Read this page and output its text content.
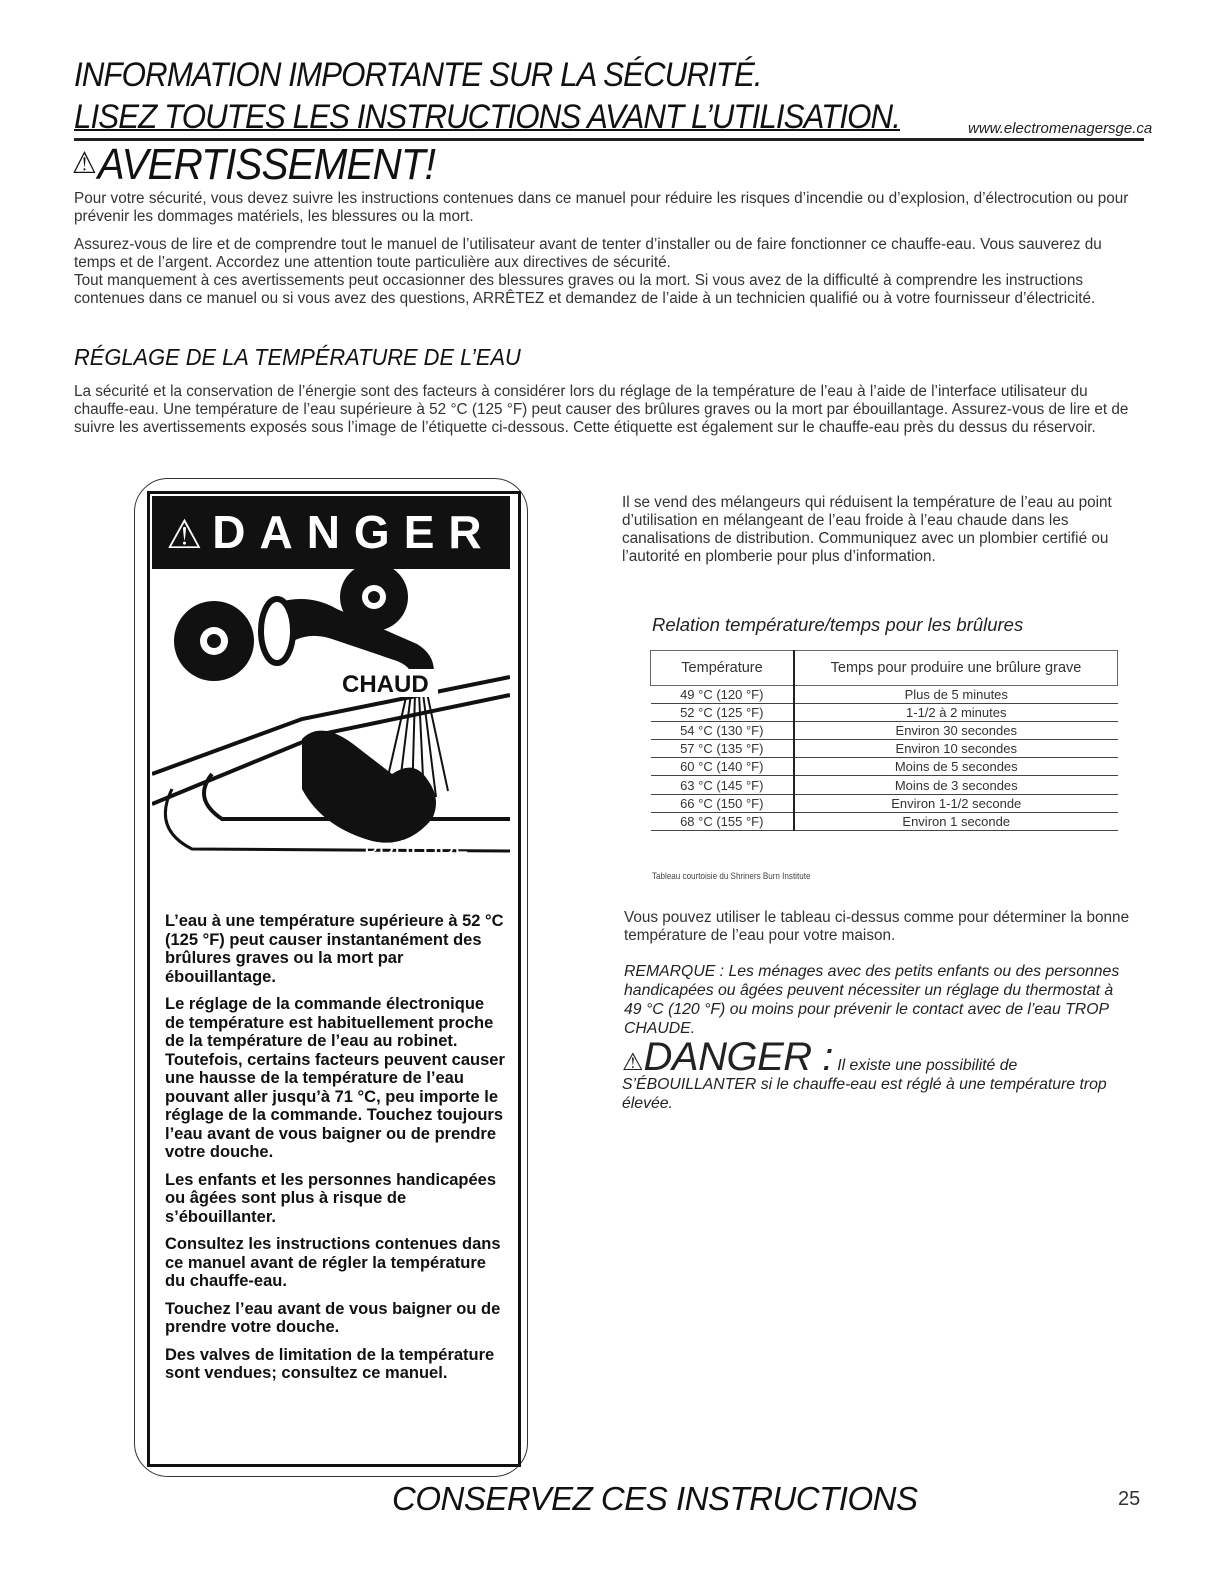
INFORMATION IMPORTANTE SUR LA SÉCURITÉ.
LISEZ TOUTES LES INSTRUCTIONS AVANT L’UTILISATION.	www.electromenagersge.ca
⚠AVERTISSEMENT!

Pour votre sécurité, vous devez suivre les instructions contenues dans ce manuel pour réduire les risques d’incendie ou d’explosion, d’électrocution ou pour prévenir les dommages matériels, les blessures ou la mort.

Assurez-vous de lire et de comprendre tout le manuel de l’utilisateur avant de tenter d’installer ou de faire fonctionner ce chauffe-eau. Vous sauverez du temps et de l’argent. Accordez une attention toute particulière aux directives de sécurité.

Tout manquement à ces avertissements peut occasionner des blessures graves ou la mort. Si vous avez de la difficulté à comprendre les instructions contenues dans ce manuel ou si vous avez des questions, ARRÊTEZ et demandez de l’aide à un technicien qualifié ou à votre fournisseur d’électricité.

RÉGLAGE DE LA TEMPÉRATURE DE L’EAU
La sécurité et la conservation de l’énergie sont des facteurs à considérer lors du réglage de la température de l’eau à l’aide de l’interface utilisateur du chauffe-eau. Une température de l’eau supérieure à 52 °C (125 °F) peut causer des brûlures graves ou la mort par ébouillantage. Assurez-vous de lire et de suivre les avertissements exposés sous l’image de l’étiquette ci-dessous. Cette étiquette est également sur le chauffe-eau près du dessus du réservoir.
⚠ DANGER
CHAUD
BRÛLURE

L’eau à une température supérieure à 52 °C (125 °F) peut causer instantanément des brûlures graves ou la mort par ébouillantage.

Le réglage de la commande électronique de température est habituellement proche de la température de l’eau au robinet. Toutefois, certains facteurs peuvent causer une hausse de la température de l’eau pouvant aller jusqu’à 71 °C, peu importe le réglage de la commande. Touchez toujours l’eau avant de vous baigner ou de prendre votre douche.

Les enfants et les personnes handicapées ou âgées sont plus à risque de s’ébouillanter.

Consultez les instructions contenues dans ce manuel avant de régler la température du chauffe-eau.

Touchez l’eau avant de vous baigner ou de prendre votre douche.

Des valves de limitation de la température sont vendues; consultez ce manuel.

Il se vend des mélangeurs qui réduisent la température de l’eau au point d’utilisation en mélangeant de l’eau froide à l’eau chaude dans les canalisations de distribution. Communiquez avec un plombier certifié ou l’autorité en plomberie pour plus d’information.
Relation température/temps pour les brûlures
Température	Temps pour produire une brûlure grave
49 °C (120 °F)	Plus de 5 minutes
52 °C (125 °F)	1-1/2 à 2 minutes
54 °C (130 °F)	Environ 30 secondes
57 °C (135 °F)	Environ 10 secondes
60 °C (140 °F)	Moins de 5 secondes
63 °C (145 °F)	Moins de 3 secondes
66 °C (150 °F)	Environ 1-1/2 seconde
68 °C (155 °F)	Environ 1 seconde
Tableau courtoisie du Shriners Burn Institute
Vous pouvez utiliser le tableau ci-dessus comme pour déterminer la bonne température de l’eau pour votre maison.
REMARQUE : Les ménages avec des petits enfants ou des personnes handicapées ou âgées peuvent nécessiter un réglage du thermostat à 49 °C (120 °F) ou moins pour prévenir le contact avec de l’eau TROP CHAUDE.
⚠DANGER : Il existe une possibilité de S’ÉBOUILLANTER si le chauffe-eau est réglé à une température trop élevée.
CONSERVEZ CES INSTRUCTIONS	25
